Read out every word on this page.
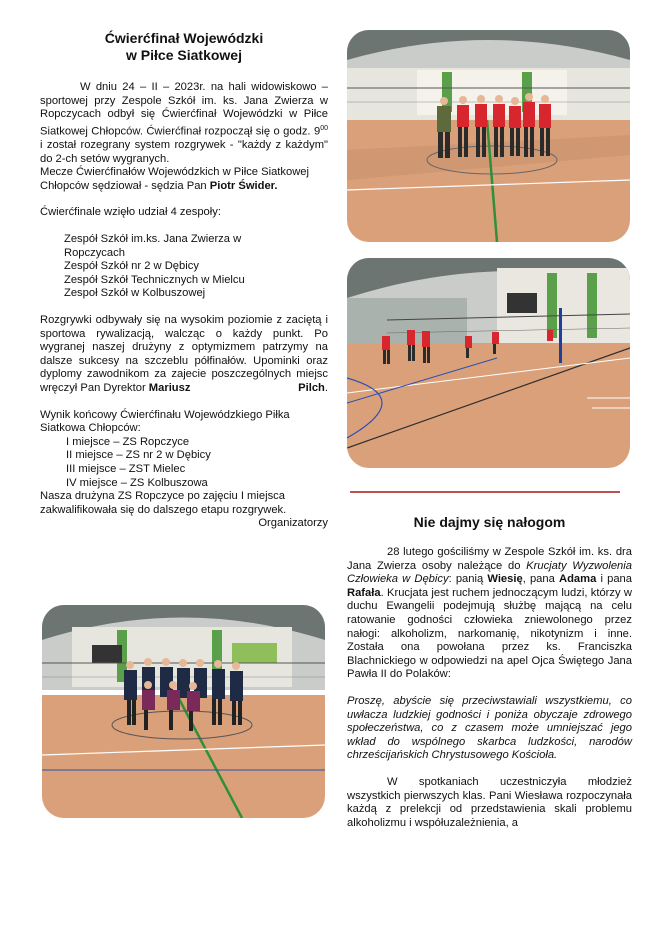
Ćwierćfinał Wojewódzki

w Piłce Siatkowej

W dniu 24 – II – 2023r. na hali widowiskowo – sportowej przy Zespole Szkół im. ks. Jana Zwierza w Ropczycach odbył się Ćwierćfinał Wojewódzki w Piłce Siatkowej Chłopców. Ćwierćfinał rozpoczął się o godz. $9^{00}$ i został rozegrany system rozgrywek - "każdy z każdym" do 2-ch setów wygranych.

Mecze Ćwierćfinałów Wojewódzkich w Piłce Siatkowej Chłopców sędziował - sędzia Pan Piotr Świder.

Ćwierćfinale wzięło udział 4 zespoły:

Zespół Szkół im.ks. Jana Zwierza w Ropczycach

Zespół Szkół nr 2 w Dębicy

Zespół Szkół Technicznych w Mielcu

Zespoł Szkół w Kolbuszowej

Rozgrywki odbywały się na wysokim poziomie z zaciętą i sportowa rywalizacją, walcząc o każdy punkt. Po wygranej naszej drużyny z optymizmem patrzymy na dalsze sukcesy na szczeblu półfinałów. Upominki oraz dyplomy zawodnikom za zajecie poszczególnych miejsc wręczył Pan Dyrektor Mariusz	Pilch.

Wynik końcowy Ćwierćfinału Wojewódzkiego Piłka Siatkowa Chłopców:

I miejsce – ZS Ropczyce

II miejsce – ZS nr 2 w Dębicy

III miejsce – ZST Mielec

IV miejsce – ZS Kolbuszowa

Nasza drużyna ZS Ropczyce po zajęciu I miejsca zakwalifikowała się do dalszego etapu rozgrywek.

Organizatorzy	Nie dajmy się nałogom

28 lutego gościliśmy w Zespole Szkół im. ks. dra Jana Zwierza osoby należące do Krucjaty Wyzwolenia Człowieka w Dębicy: panią Wiesię, pana Adama i pana Rafała. Krucjata jest ruchem jednoczącym ludzi, którzy w duchu Ewangelii podejmują służbę mającą na celu ratowanie godności człowieka zniewolonego przez nałogi: alkoholizm, narkomanię, nikotynizm i inne. Została ona powołana przez ks. Franciszka Blachnickiego w odpowiedzi na apel Ojca Świętego Jana Pawła II do Polaków:

Proszę, abyście się przeciwstawiali wszystkiemu, co uwłacza ludzkiej godności i poniża obyczaje zdrowego społeczeństwa, co z czasem może umniejszać jego wkład do wspólnego skarbca ludzkości, narodów chrześcijańskich Chrystusowego Kościoła.

W spotkaniach uczestniczyła młodzież wszystkich pierwszych klas. Pani Wiesława rozpoczynała każdą z prelekcji od przedstawienia skali problemu alkoholizmu i współuzależnienia, a
